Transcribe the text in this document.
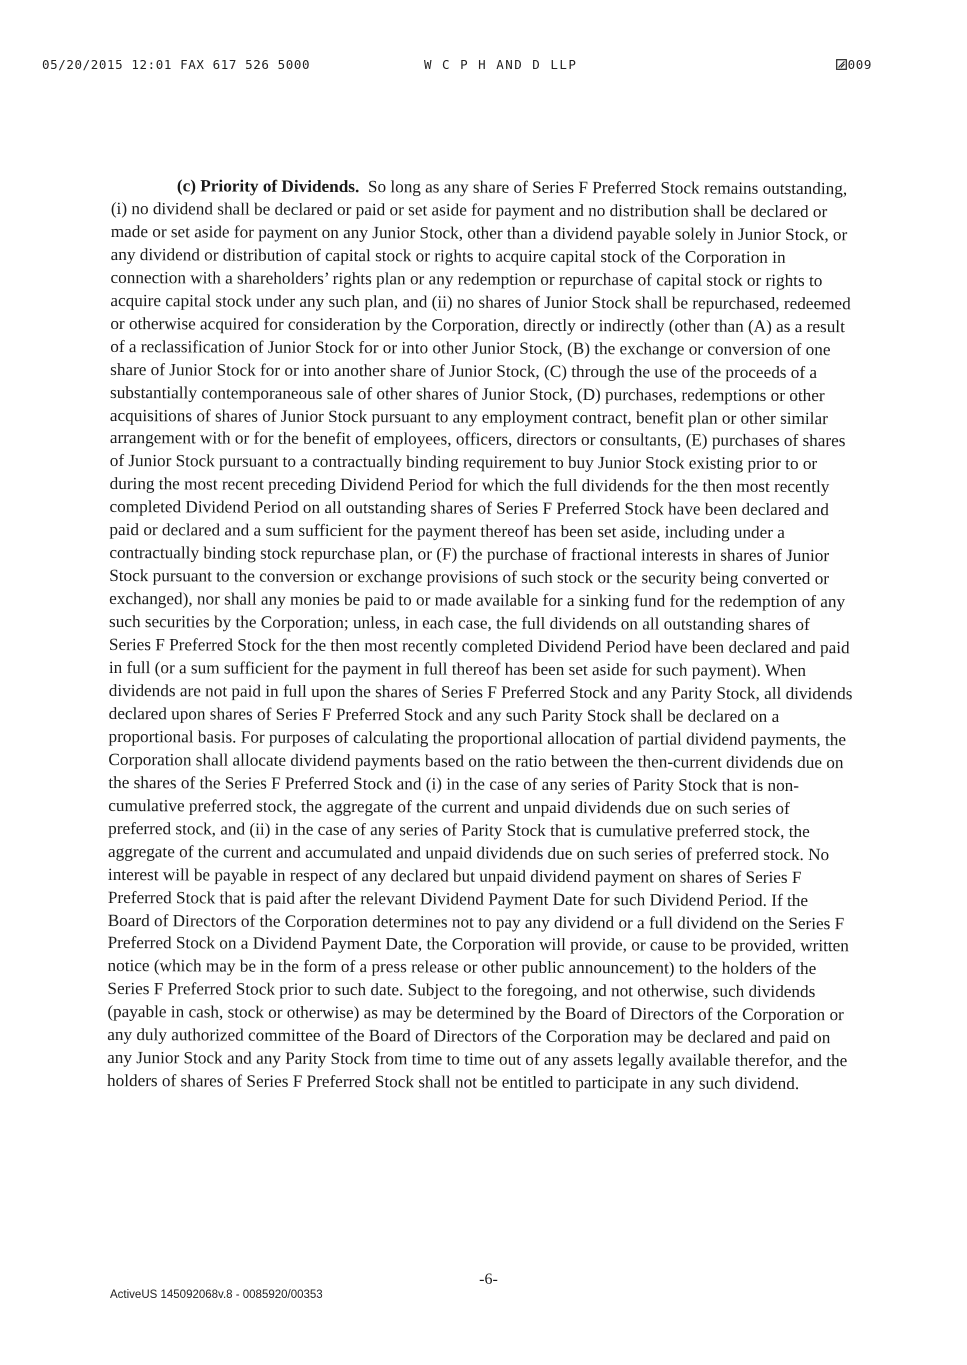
05/20/2015 12:01 FAX 617 526 5000	W C P H AND D LLP	009

(c) Priority of Dividends. So long as any share of Series F Preferred Stock remains outstanding, (i) no dividend shall be declared or paid or set aside for payment and no distribution shall be declared or made or set aside for payment on any Junior Stock, other than a dividend payable solely in Junior Stock, or any dividend or distribution of capital stock or rights to acquire capital stock of the Corporation in connection with a shareholders’ rights plan or any redemption or repurchase of capital stock or rights to acquire capital stock under any such plan, and (ii) no shares of Junior Stock shall be repurchased, redeemed or otherwise acquired for consideration by the Corporation, directly or indirectly (other than (A) as a result of a reclassification of Junior Stock for or into other Junior Stock, (B) the exchange or conversion of one share of Junior Stock for or into another share of Junior Stock, (C) through the use of the proceeds of a substantially contemporaneous sale of other shares of Junior Stock, (D) purchases, redemptions or other acquisitions of shares of Junior Stock pursuant to any employment contract, benefit plan or other similar arrangement with or for the benefit of employees, officers, directors or consultants, (E) purchases of shares of Junior Stock pursuant to a contractually binding requirement to buy Junior Stock existing prior to or during the most recent preceding Dividend Period for which the full dividends for the then most recently completed Dividend Period on all outstanding shares of Series F Preferred Stock have been declared and paid or declared and a sum sufficient for the payment thereof has been set aside, including under a contractually binding stock repurchase plan, or (F) the purchase of fractional interests in shares of Junior Stock pursuant to the conversion or exchange provisions of such stock or the security being converted or exchanged), nor shall any monies be paid to or made available for a sinking fund for the redemption of any such securities by the Corporation; unless, in each case, the full dividends on all outstanding shares of Series F Preferred Stock for the then most recently completed Dividend Period have been declared and paid in full (or a sum sufficient for the payment in full thereof has been set aside for such payment). When dividends are not paid in full upon the shares of Series F Preferred Stock and any Parity Stock, all dividends declared upon shares of Series F Preferred Stock and any such Parity Stock shall be declared on a proportional basis. For purposes of calculating the proportional allocation of partial dividend payments, the Corporation shall allocate dividend payments based on the ratio between the then-current dividends due on the shares of the Series F Preferred Stock and (i) in the case of any series of Parity Stock that is non-cumulative preferred stock, the aggregate of the current and unpaid dividends due on such series of preferred stock, and (ii) in the case of any series of Parity Stock that is cumulative preferred stock, the aggregate of the current and accumulated and unpaid dividends due on such series of preferred stock. No interest will be payable in respect of any declared but unpaid dividend payment on shares of Series F Preferred Stock that is paid after the relevant Dividend Payment Date for such Dividend Period. If the Board of Directors of the Corporation determines not to pay any dividend or a full dividend on the Series F Preferred Stock on a Dividend Payment Date, the Corporation will provide, or cause to be provided, written notice (which may be in the form of a press release or other public announcement) to the holders of the Series F Preferred Stock prior to such date. Subject to the foregoing, and not otherwise, such dividends (payable in cash, stock or otherwise) as may be determined by the Board of Directors of the Corporation or any duly authorized committee of the Board of Directors of the Corporation may be declared and paid on any Junior Stock and any Parity Stock from time to time out of any assets legally available therefor, and the holders of shares of Series F Preferred Stock shall not be entitled to participate in any such dividend.

-6-
ActiveUS 145092068v.8 - 0085920/00353
